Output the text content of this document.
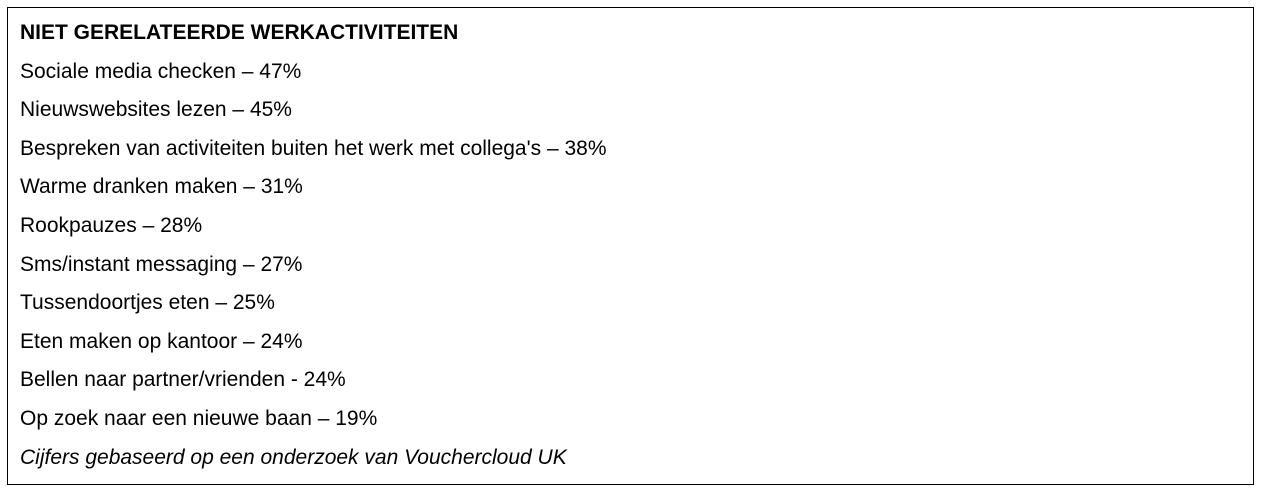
NIET GERELATEERDE WERKACTIVITEITEN
Sociale media checken – 47%
Nieuwswebsites lezen – 45%
Bespreken van activiteiten buiten het werk met collega's – 38%
Warme dranken maken – 31%
Rookpauzes – 28%
Sms/instant messaging – 27%
Tussendoortjes eten – 25%
Eten maken op kantoor – 24%
Bellen naar partner/vrienden - 24%
Op zoek naar een nieuwe baan – 19%
Cijfers gebaseerd op een onderzoek van Vouchercloud UK
